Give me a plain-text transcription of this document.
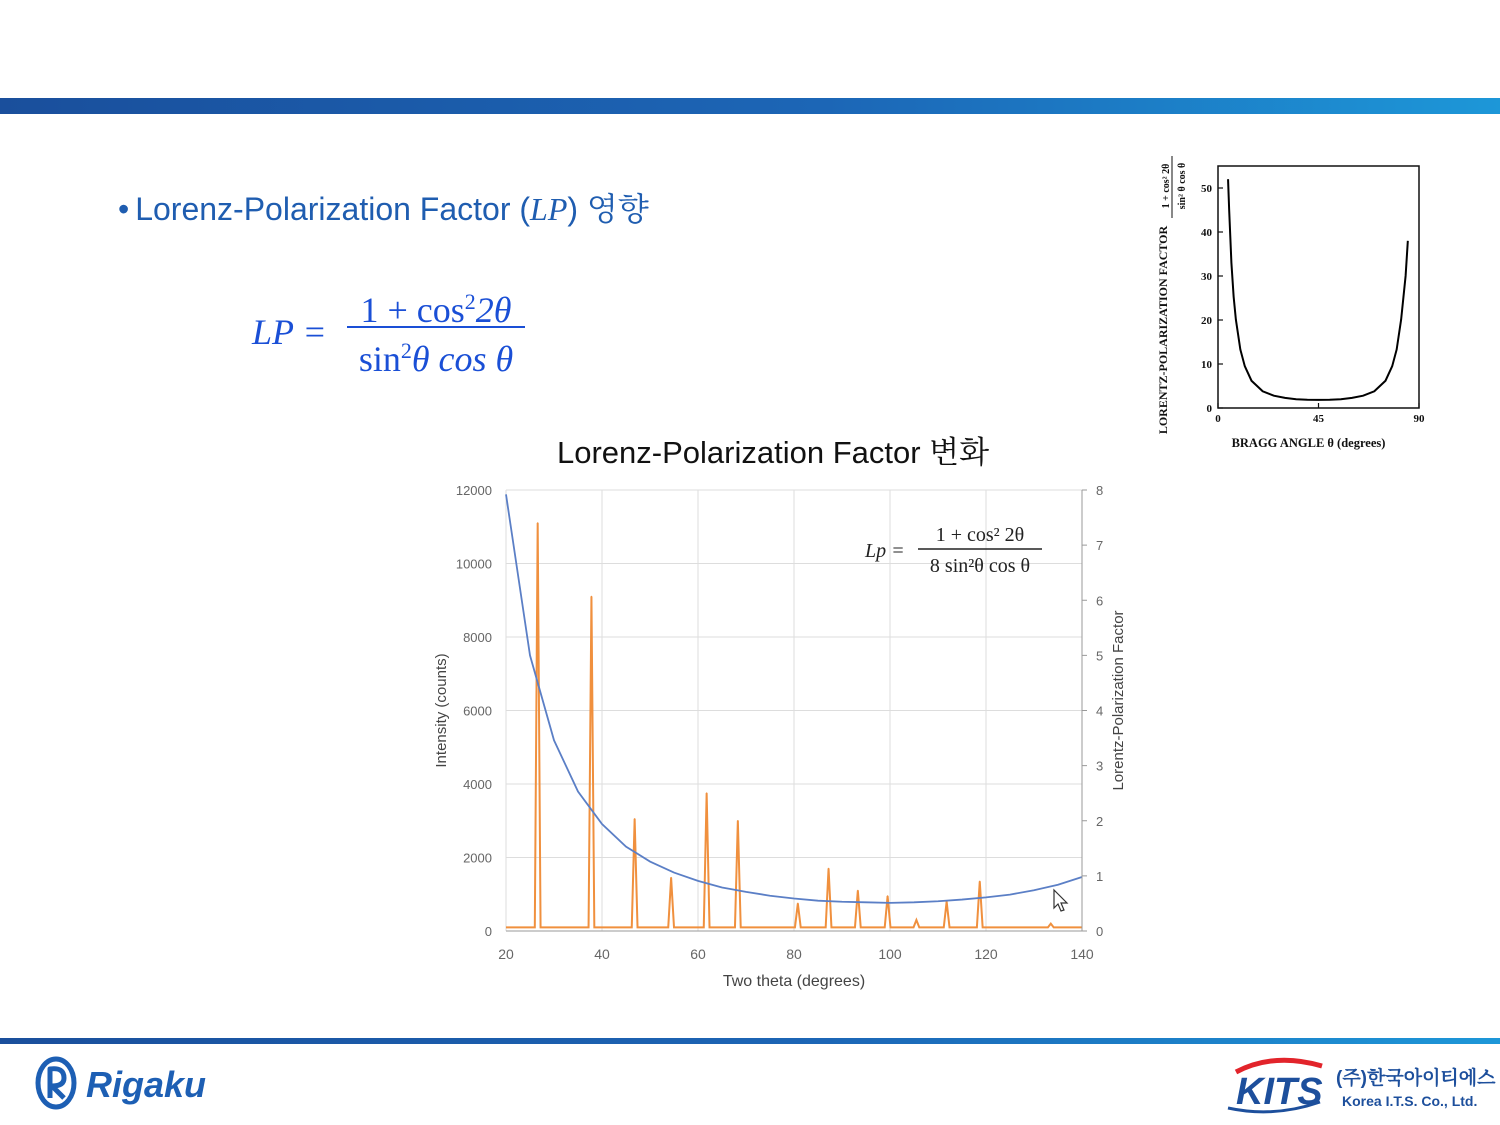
• Lorenz-Polarization Factor (LP) 영향
LP =
$1 + \cos^22\theta$
$\sin^2\theta$ cos θ
Lorenz-Polarization Factor 변화
20	40	60	80	100	120	140
0
2000
4000
6000
8000
10000
12000
0
1
2
3
4
5
6
7
8
Two theta (degrees)
Intensity (counts)	Lorentz-Polarization Factor
Lp =
1 + cos² 2θ
8 sin²θ cos θ
0
10
20
30
40
50
0	45	90
BRAGG ANGLE θ (degrees)
LORENTZ-POLARIZATION FACTOR
1 + cos² 2θ sin² θ cos θ
Rigaku	KITS (주)한국아이티에스
Korea I.T.S. Co., Ltd.
